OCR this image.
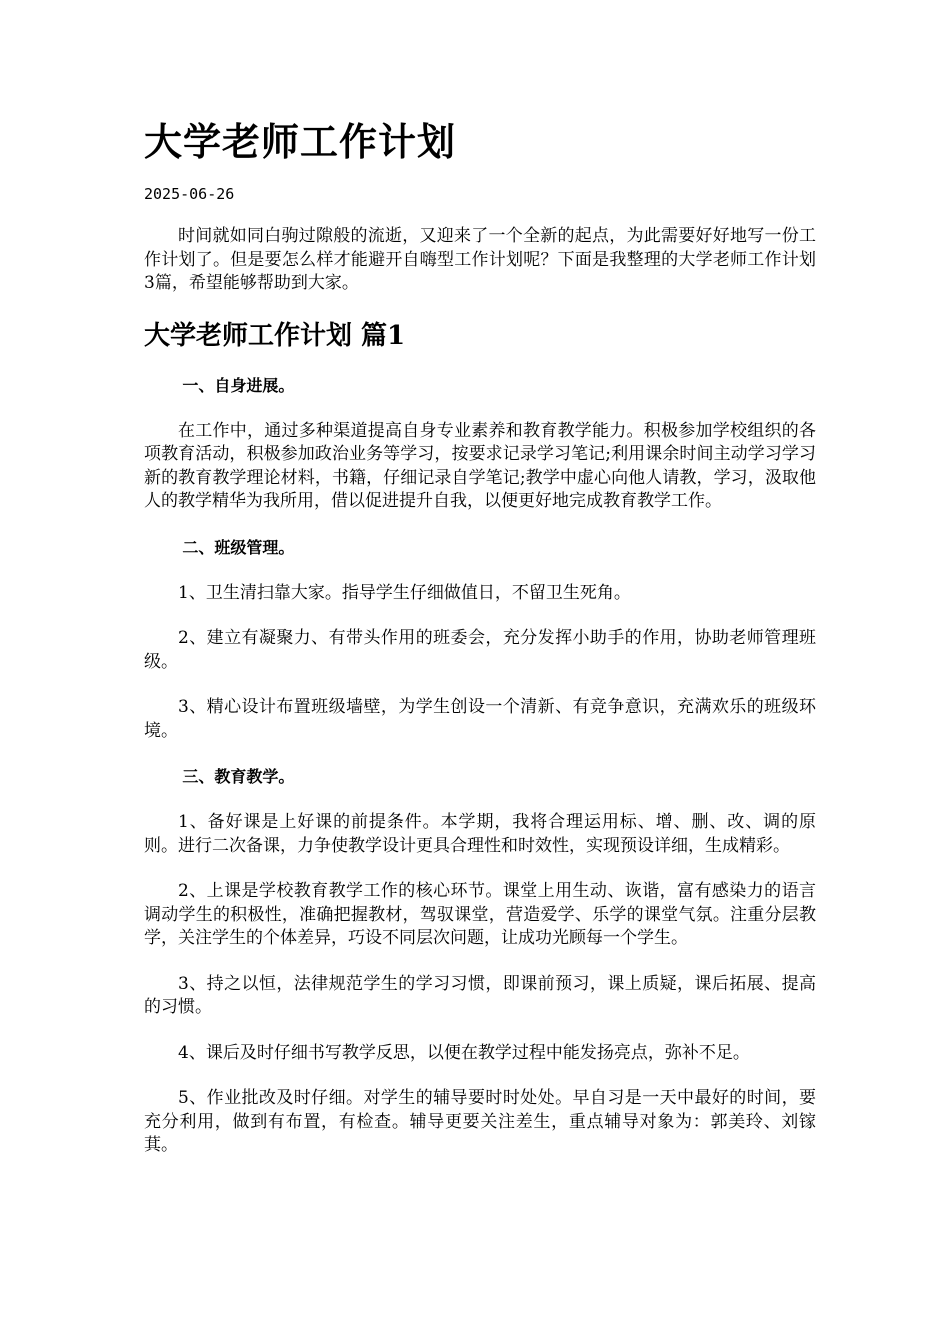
大学老师工作计划
2025-06-26

时间就如同白驹过隙般的流逝，又迎来了一个全新的起点，为此需要好好地写一份工作计划了。但是要怎么样才能避开自嗨型工作计划呢？下面是我整理的大学老师工作计划3篇，希望能够帮助到大家。

大学老师工作计划 篇1
一、自身进展。

在工作中，通过多种渠道提高自身专业素养和教育教学能力。积极参加学校组织的各项教育活动，积极参加政治业务等学习，按要求记录学习笔记;利用课余时间主动学习学习新的教育教学理论材料，书籍，仔细记录自学笔记;教学中虚心向他人请教，学习，汲取他人的教学精华为我所用，借以促进提升自我，以便更好地完成教育教学工作。

二、班级管理。

1、卫生清扫靠大家。指导学生仔细做值日，不留卫生死角。

2、建立有凝聚力、有带头作用的班委会，充分发挥小助手的作用，协助老师管理班级。

3、精心设计布置班级墙壁，为学生创设一个清新、有竞争意识，充满欢乐的班级环境。

三、教育教学。

1、备好课是上好课的前提条件。本学期，我将合理运用标、增、删、改、调的原则。进行二次备课，力争使教学设计更具合理性和时效性，实现预设详细，生成精彩。

2、上课是学校教育教学工作的核心环节。课堂上用生动、诙谐，富有感染力的语言调动学生的积极性，准确把握教材，驾驭课堂，营造爱学、乐学的课堂气氛。注重分层教学，关注学生的个体差异，巧设不同层次问题，让成功光顾每一个学生。

3、持之以恒，法律规范学生的学习习惯，即课前预习，课上质疑，课后拓展、提高的习惯。

4、课后及时仔细书写教学反思，以便在教学过程中能发扬亮点，弥补不足。

5、作业批改及时仔细。对学生的辅导要时时处处。早自习是一天中最好的时间，要充分利用，做到有布置，有检查。辅导更要关注差生，重点辅导对象为：郭美玲、刘镓萁。
